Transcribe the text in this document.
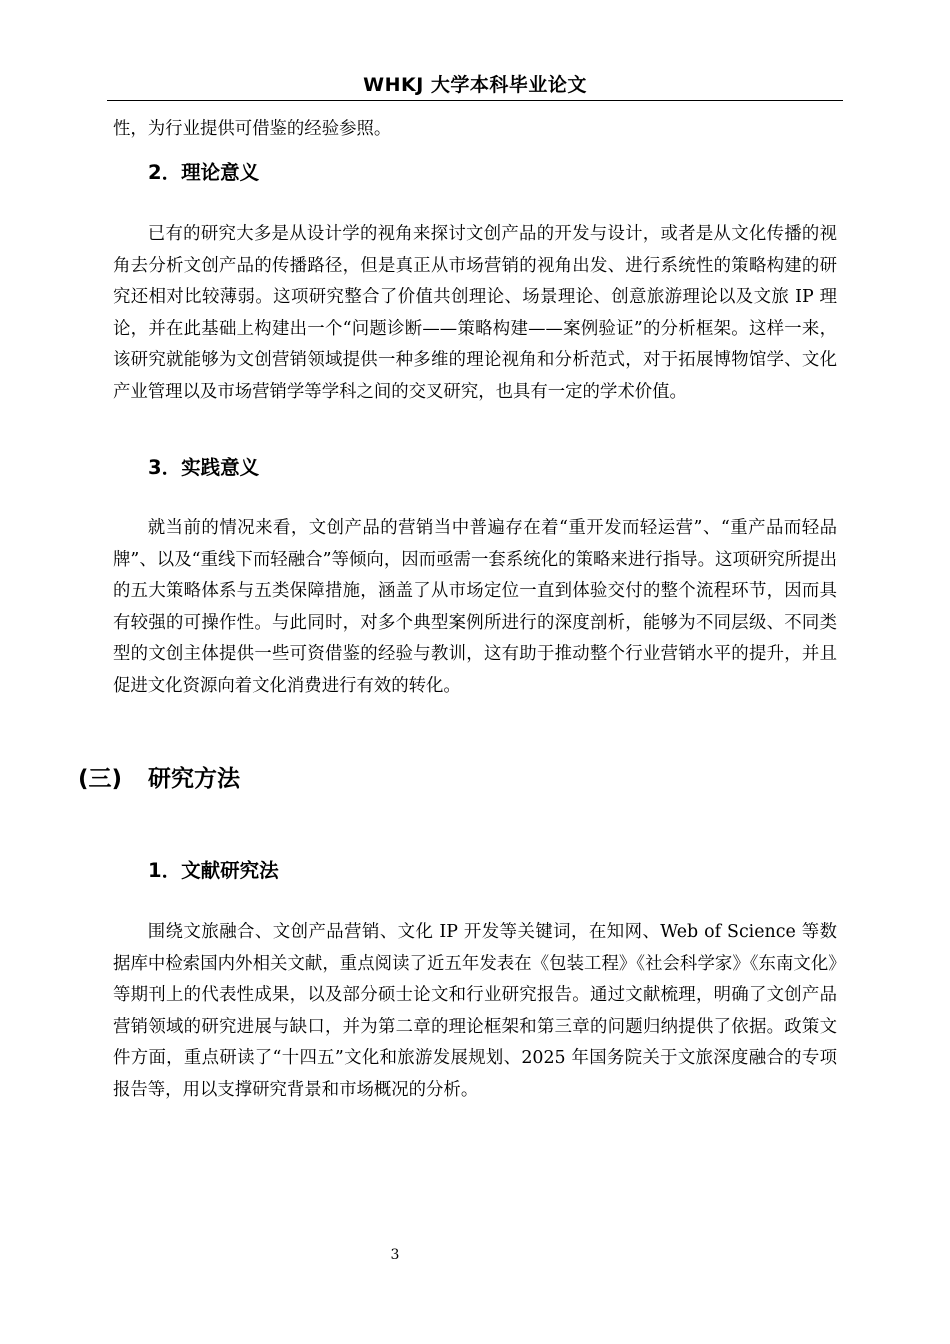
WHKJ 大学本科毕业论文

性，为行业提供可借鉴的经验参照。

2．理论意义

已有的研究大多是从设计学的视角来探讨文创产品的开发与设计，或者是从文化传播的视角去分析文创产品的传播路径，但是真正从市场营销的视角出发、进行系统性的策略构建的研究还相对比较薄弱。这项研究整合了价值共创理论、场景理论、创意旅游理论以及文旅 IP 理论，并在此基础上构建出一个“问题诊断——策略构建——案例验证”的分析框架。这样一来，该研究就能够为文创营销领域提供一种多维的理论视角和分析范式，对于拓展博物馆学、文化产业管理以及市场营销学等学科之间的交叉研究，也具有一定的学术价值。

3．实践意义

就当前的情况来看，文创产品的营销当中普遍存在着“重开发而轻运营”、“重产品而轻品牌”、以及“重线下而轻融合”等倾向，因而亟需一套系统化的策略来进行指导。这项研究所提出的五大策略体系与五类保障措施，涵盖了从市场定位一直到体验交付的整个流程环节，因而具有较强的可操作性。与此同时，对多个典型案例所进行的深度剖析，能够为不同层级、不同类型的文创主体提供一些可资借鉴的经验与教训，这有助于推动整个行业营销水平的提升，并且促进文化资源向着文化消费进行有效的转化。

(三) 研究方法
1．文献研究法

围绕文旅融合、文创产品营销、文化 IP 开发等关键词，在知网、Web of Science 等数据库中检索国内外相关文献，重点阅读了近五年发表在《包装工程》《社会科学家》《东南文化》等期刊上的代表性成果，以及部分硕士论文和行业研究报告。通过文献梳理，明确了文创产品营销领域的研究进展与缺口，并为第二章的理论框架和第三章的问题归纳提供了依据。政策文件方面，重点研读了“十四五”文化和旅游发展规划、2025 年国务院关于文旅深度融合的专项报告等，用以支撑研究背景和市场概况的分析。

3
